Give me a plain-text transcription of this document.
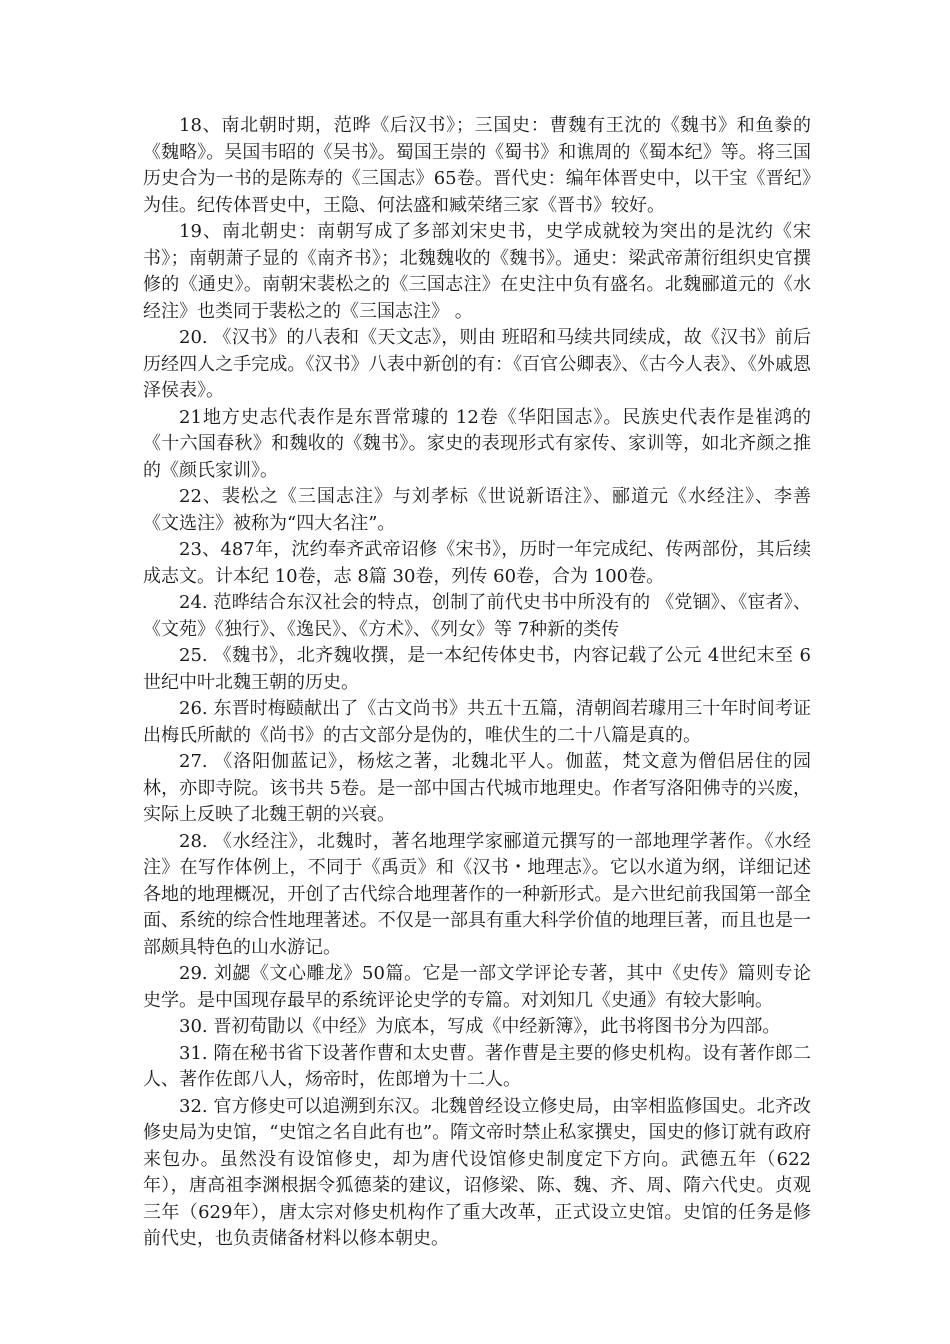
18、南北朝时期，范晔《后汉书》；三国史：曹魏有王沈的《魏书》和鱼豢的《魏略》。吴国韦昭的《吴书》。蜀国王崇的《蜀书》和谯周的《蜀本纪》等。将三国历史合为一书的是陈寿的《三国志》65卷。晋代史：编年体晋史中，以干宝《晋纪》为佳。纪传体晋史中，王隐、何法盛和臧荣绪三家《晋书》较好。

19、南北朝史：南朝写成了多部刘宋史书，史学成就较为突出的是沈约《宋书》；南朝萧子显的《南齐书》；北魏魏收的《魏书》。通史：梁武帝萧衍组织史官撰修的《通史》。南朝宋裴松之的《三国志注》在史注中负有盛名。北魏郦道元的《水经注》也类同于裴松之的《三国志注》 。

20. 《汉书》的八表和《天文志》，则由 班昭和马续共同续成，故《汉书》前后历经四人之手完成。《汉书》八表中新创的有：《百官公卿表》、《古今人表》、《外戚恩泽侯表》。

21地方史志代表作是东晋常璩的 12卷《华阳国志》。民族史代表作是崔鸿的《十六国春秋》和魏收的《魏书》。家史的表现形式有家传、家训等，如北齐颜之推的《颜氏家训》。

22、裴松之《三国志注》与刘孝标《世说新语注》、郦道元《水经注》、李善《文选注》被称为“四大名注”。

23、487年，沈约奉齐武帝诏修《宋书》，历时一年完成纪、传两部份，其后续成志文。计本纪 10卷，志 8篇 30卷，列传 60卷，合为 100卷。

24. 范晔结合东汉社会的特点，创制了前代史书中所没有的 《党锢》、《宦者》、《文苑》《独行》、《逸民》、《方术》、《列女》等 7种新的类传

25. 《魏书》，北齐魏收撰，是一本纪传体史书，内容记载了公元 4世纪末至 6世纪中叶北魏王朝的历史。

26. 东晋时梅赜献出了《古文尚书》共五十五篇，清朝阎若璩用三十年时间考证出梅氏所献的《尚书》的古文部分是伪的，唯伏生的二十八篇是真的。

27. 《洛阳伽蓝记》，杨炫之著，北魏北平人。伽蓝，梵文意为僧侣居住的园林，亦即寺院。该书共 5卷。是一部中国古代城市地理史。作者写洛阳佛寺的兴废，实际上反映了北魏王朝的兴衰。

28. 《水经注》，北魏时，著名地理学家郦道元撰写的一部地理学著作。《水经注》在写作体例上，不同于《禹贡》和《汉书・地理志》。它以水道为纲，详细记述各地的地理概况，开创了古代综合地理著作的一种新形式。是六世纪前我国第一部全面、系统的综合性地理著述。不仅是一部具有重大科学价值的地理巨著，而且也是一部颇具特色的山水游记。

29. 刘勰《文心雕龙》50篇。它是一部文学评论专著，其中《史传》篇则专论史学。是中国现存最早的系统评论史学的专篇。对刘知几《史通》有较大影响。

30. 晋初荀勖以《中经》为底本，写成《中经新簿》，此书将图书分为四部。

31. 隋在秘书省下设著作曹和太史曹。著作曹是主要的修史机构。设有著作郎二人、著作佐郎八人，炀帝时，佐郎增为十二人。

32. 官方修史可以追溯到东汉。北魏曾经设立修史局，由宰相监修国史。北齐改修史局为史馆，“史馆之名自此有也”。隋文帝时禁止私家撰史，国史的修订就有政府来包办。虽然没有设馆修史，却为唐代设馆修史制度定下方向。武德五年（622年），唐高祖李渊根据令狐德棻的建议，诏修梁、陈、魏、齐、周、隋六代史。贞观三年（629年），唐太宗对修史机构作了重大改革，正式设立史馆。史馆的任务是修前代史，也负责储备材料以修本朝史。
